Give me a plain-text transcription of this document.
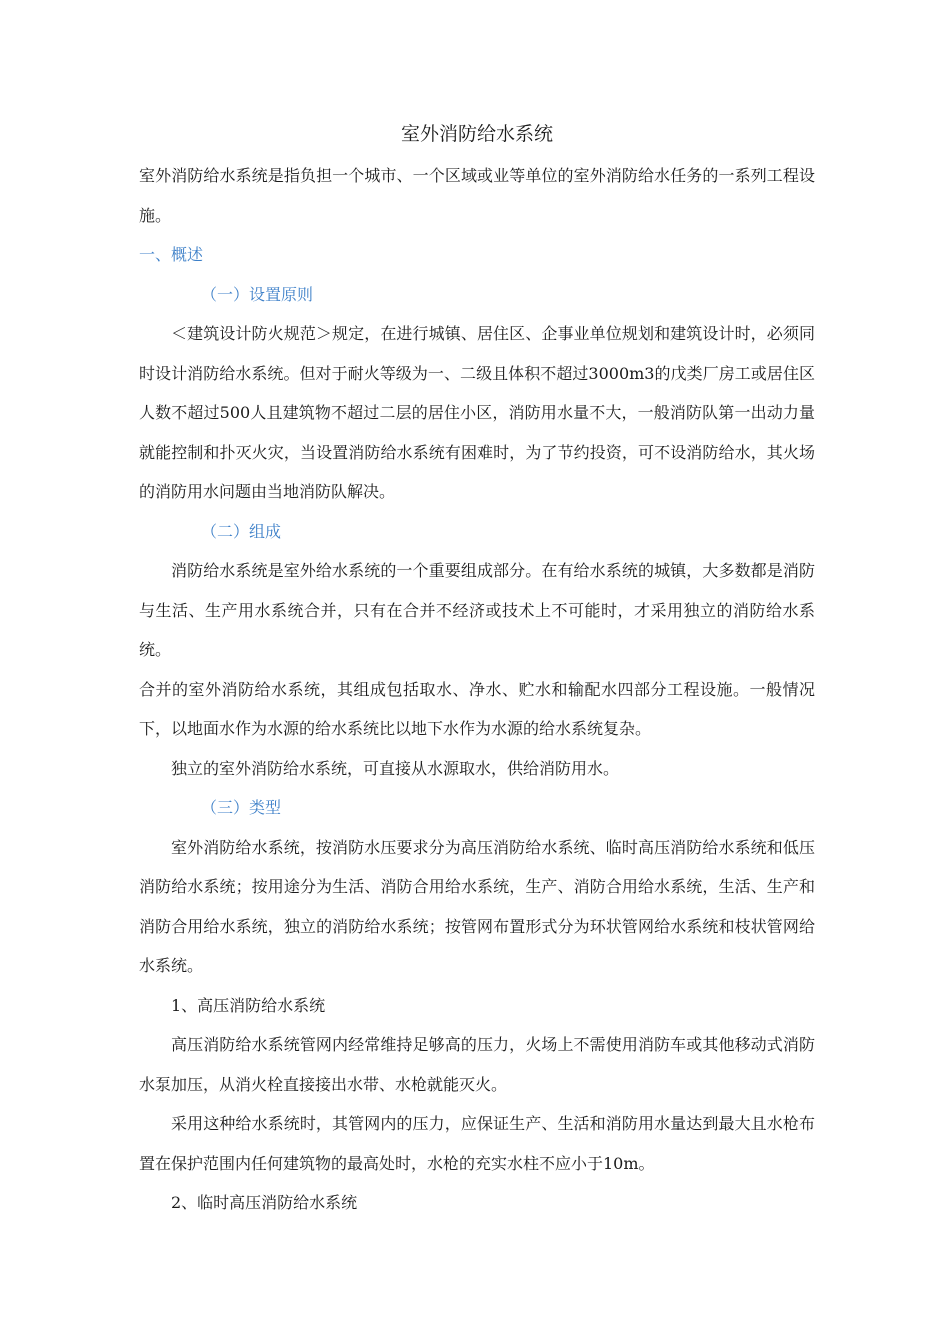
室外消防给水系统

室外消防给水系统是指负担一个城市、一个区域或业等单位的室外消防给水任务的一系列工程设施。

一、概述
（一）设置原则

＜建筑设计防火规范＞规定，在进行城镇、居住区、企事业单位规划和建筑设计时，必须同时设计消防给水系统。但对于耐火等级为一、二级且体积不超过3000m3的戊类厂房工或居住区人数不超过500人且建筑物不超过二层的居住小区，消防用水量不大，一般消防队第一出动力量就能控制和扑灭火灾，当设置消防给水系统有困难时，为了节约投资，可不设消防给水，其火场的消防用水问题由当地消防队解决。

（二）组成

消防给水系统是室外给水系统的一个重要组成部分。在有给水系统的城镇，大多数都是消防与生活、生产用水系统合并，只有在合并不经济或技术上不可能时，才采用独立的消防给水系统。

合并的室外消防给水系统，其组成包括取水、净水、贮水和输配水四部分工程设施。一般情况下，以地面水作为水源的给水系统比以地下水作为水源的给水系统复杂。

独立的室外消防给水系统，可直接从水源取水，供给消防用水。

（三）类型

室外消防给水系统，按消防水压要求分为高压消防给水系统、临时高压消防给水系统和低压消防给水系统；按用途分为生活、消防合用给水系统，生产、消防合用给水系统，生活、生产和消防合用给水系统，独立的消防给水系统；按管网布置形式分为环状管网给水系统和枝状管网给水系统。

1、高压消防给水系统

高压消防给水系统管网内经常维持足够高的压力，火场上不需使用消防车或其他移动式消防水泵加压，从消火栓直接接出水带、水枪就能灭火。

采用这种给水系统时，其管网内的压力，应保证生产、生活和消防用水量达到最大且水枪布置在保护范围内任何建筑物的最高处时，水枪的充实水柱不应小于10m。

2、临时高压消防给水系统
